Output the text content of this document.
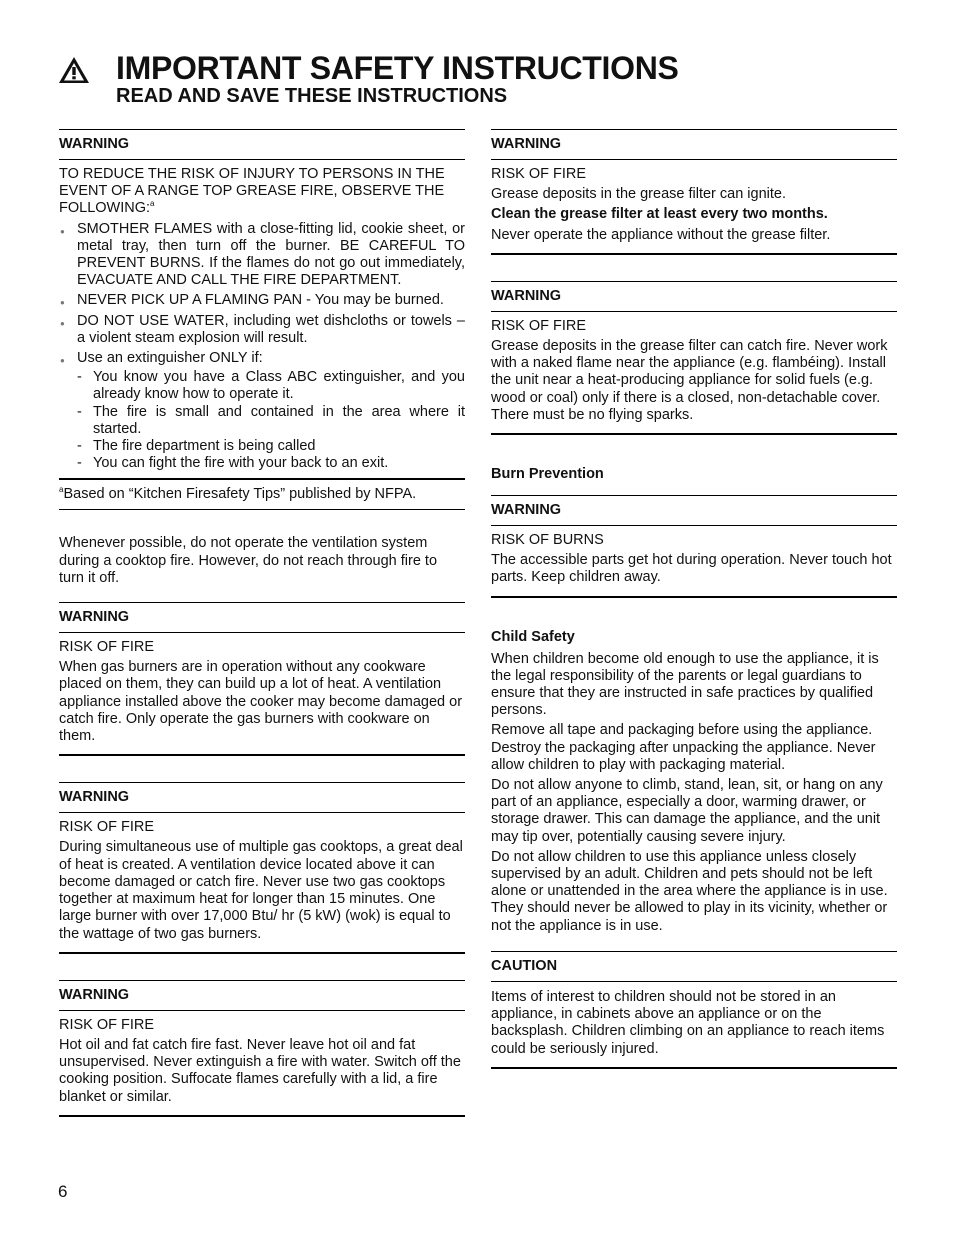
IMPORTANT SAFETY INSTRUCTIONS
READ AND SAVE THESE INSTRUCTIONS
WARNING

TO REDUCE THE RISK OF INJURY TO PERSONS IN THE EVENT OF A RANGE TOP GREASE FIRE, OBSERVE THE FOLLOWING:$^a$

● SMOTHER FLAMES with a close-fitting lid, cookie sheet, or metal tray, then turn off the burner. BE CAREFUL TO PREVENT BURNS. If the flames do not go out immediately, EVACUATE AND CALL THE FIRE DEPARTMENT.
● NEVER PICK UP A FLAMING PAN - You may be burned.
● DO NOT USE WATER, including wet dishcloths or towels – a violent steam explosion will result.
● Use an extinguisher ONLY if:
- You know you have a Class ABC extinguisher, and you already know how to operate it.
- The fire is small and contained in the area where it started.
- The fire department is being called
- You can fight the fire with your back to an exit.
$^a$Based on “Kitchen Firesafety Tips” published by NFPA.

Whenever possible, do not operate the ventilation system during a cooktop fire. However, do not reach through fire to turn it off.

WARNING

RISK OF FIRE

When gas burners are in operation without any cookware placed on them, they can build up a lot of heat. A ventilation appliance installed above the cooker may become damaged or catch fire. Only operate the gas burners with cookware on them.

WARNING

RISK OF FIRE

During simultaneous use of multiple gas cooktops, a great deal of heat is created. A ventilation device located above it can become damaged or catch fire. Never use two gas cooktops together at maximum heat for longer than 15 minutes. One large burner with over 17,000 Btu/ hr (5 kW) (wok) is equal to the wattage of two gas burners.

WARNING

RISK OF FIRE

Hot oil and fat catch fire fast. Never leave hot oil and fat unsupervised. Never extinguish a fire with water. Switch off the cooking position. Suffocate flames carefully with a lid, a fire blanket or similar.

WARNING

RISK OF FIRE

Grease deposits in the grease filter can ignite.

Clean the grease filter at least every two months.

Never operate the appliance without the grease filter.

WARNING

RISK OF FIRE

Grease deposits in the grease filter can catch fire. Never work with a naked flame near the appliance (e.g. flambéing). Install the unit near a heat-producing appliance for solid fuels (e.g. wood or coal) only if there is a closed, non-detachable cover. There must be no flying sparks.

Burn Prevention

WARNING

RISK OF BURNS

The accessible parts get hot during operation. Never touch hot parts. Keep children away.

Child Safety

When children become old enough to use the appliance, it is the legal responsibility of the parents or legal guardians to ensure that they are instructed in safe practices by qualified persons.

Remove all tape and packaging before using the appliance. Destroy the packaging after unpacking the appliance. Never allow children to play with packaging material.

Do not allow anyone to climb, stand, lean, sit, or hang on any part of an appliance, especially a door, warming drawer, or storage drawer. This can damage the appliance, and the unit may tip over, potentially causing severe injury.

Do not allow children to use this appliance unless closely supervised by an adult. Children and pets should not be left alone or unattended in the area where the appliance is in use. They should never be allowed to play in its vicinity, whether or not the appliance is in use.

CAUTION

Items of interest to children should not be stored in an appliance, in cabinets above an appliance or on the backsplash. Children climbing on an appliance to reach items could be seriously injured.

6
